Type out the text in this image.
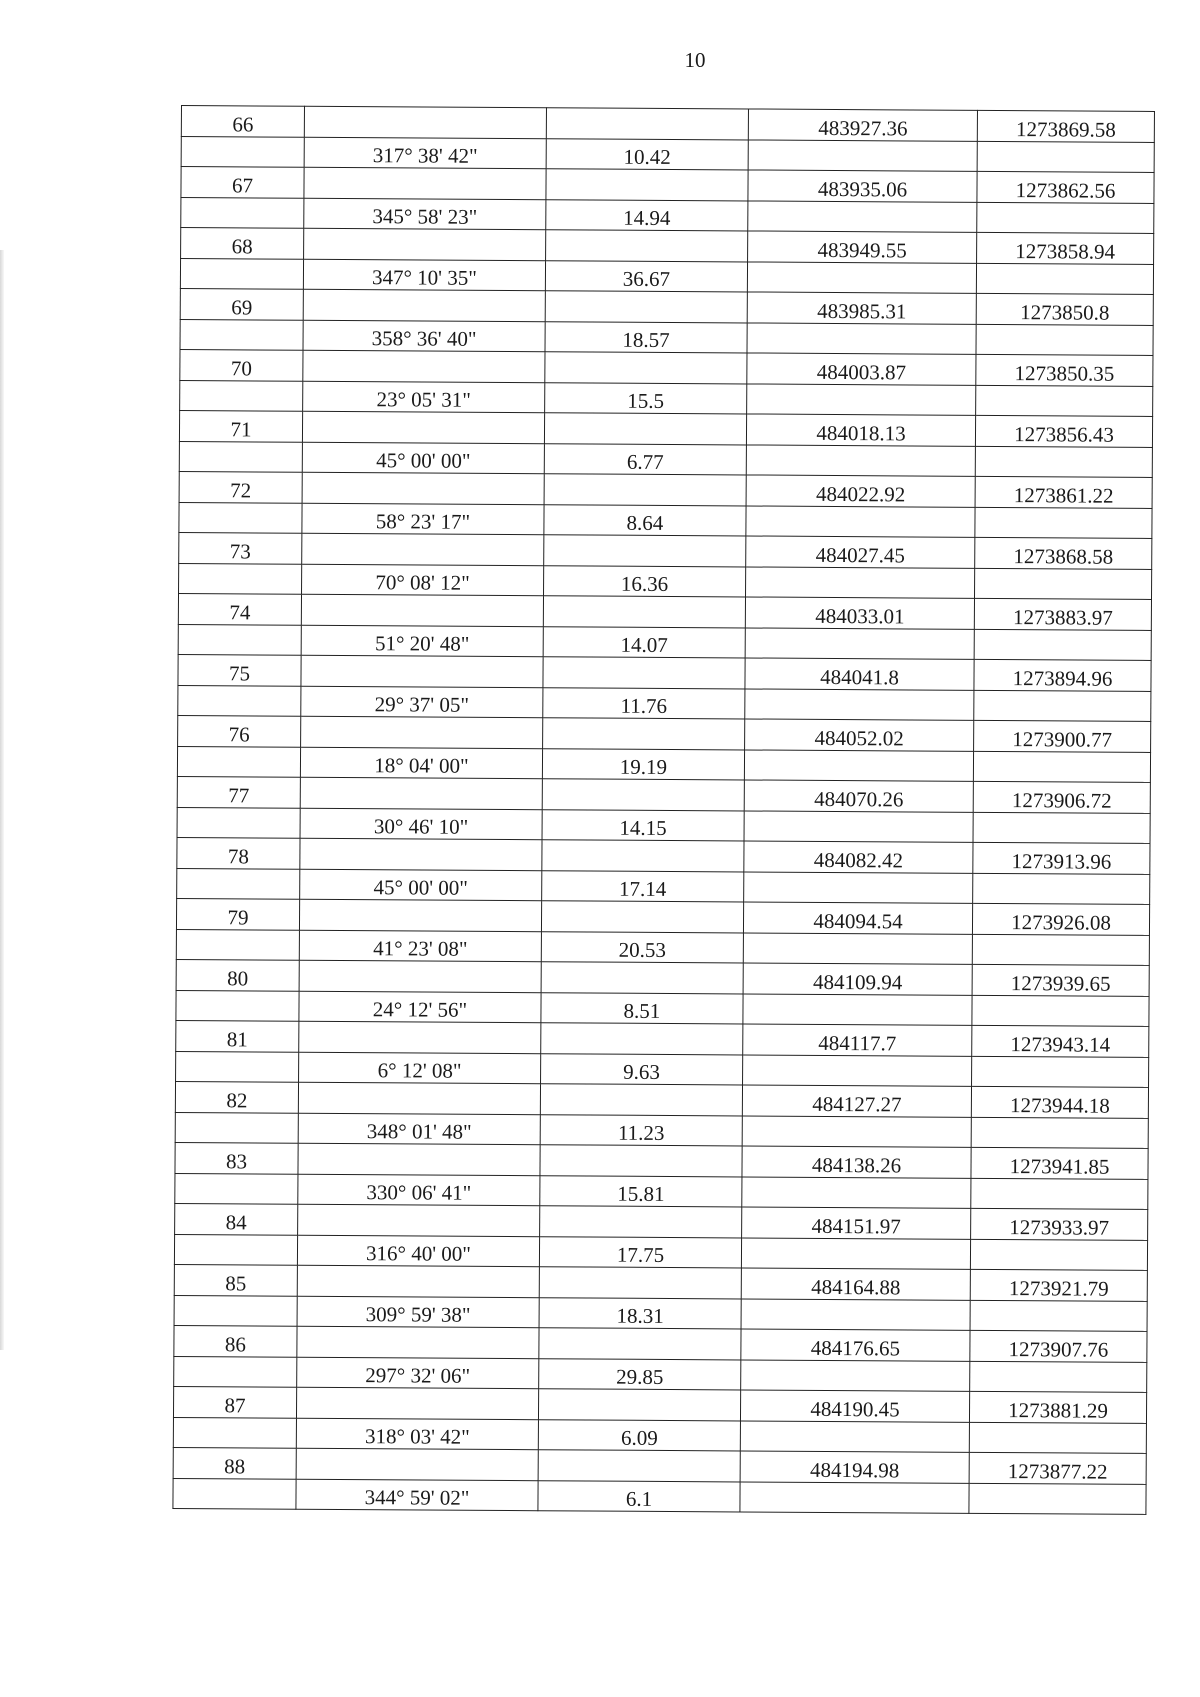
10
66			483927.36	1273869.58
	317° 38' 42"	10.42		
67			483935.06	1273862.56
	345° 58' 23"	14.94		
68			483949.55	1273858.94
	347° 10' 35"	36.67		
69			483985.31	1273850.8
	358° 36' 40"	18.57		
70			484003.87	1273850.35
	23° 05' 31"	15.5		
71			484018.13	1273856.43
	45° 00' 00"	6.77		
72			484022.92	1273861.22
	58° 23' 17"	8.64		
73			484027.45	1273868.58
	70° 08' 12"	16.36		
74			484033.01	1273883.97
	51° 20' 48"	14.07		
75			484041.8	1273894.96
	29° 37' 05"	11.76		
76			484052.02	1273900.77
	18° 04' 00"	19.19		
77			484070.26	1273906.72
	30° 46' 10"	14.15		
78			484082.42	1273913.96
	45° 00' 00"	17.14		
79			484094.54	1273926.08
	41° 23' 08"	20.53		
80			484109.94	1273939.65
	24° 12' 56"	8.51		
81			484117.7	1273943.14
	6° 12' 08"	9.63		
82			484127.27	1273944.18
	348° 01' 48"	11.23		
83			484138.26	1273941.85
	330° 06' 41"	15.81		
84			484151.97	1273933.97
	316° 40' 00"	17.75		
85			484164.88	1273921.79
	309° 59' 38"	18.31		
86			484176.65	1273907.76
	297° 32' 06"	29.85		
87			484190.45	1273881.29
	318° 03' 42"	6.09		
88			484194.98	1273877.22
	344° 59' 02"	6.1		
